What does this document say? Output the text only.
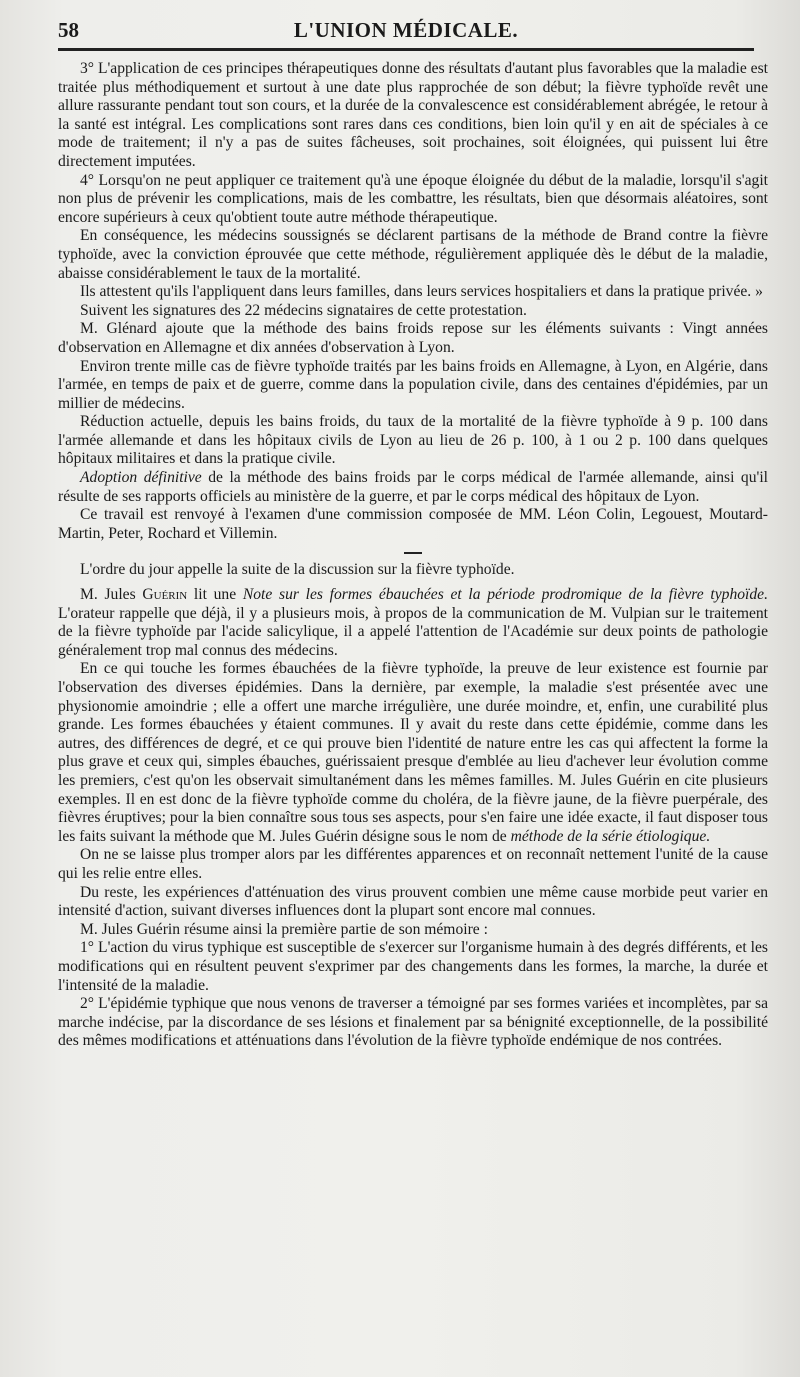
58	L'UNION MÉDICALE.

3° L'application de ces principes thérapeutiques donne des résultats d'autant plus favorables que la maladie est traitée plus méthodiquement et surtout à une date plus rapprochée de son début; la fièvre typhoïde revêt une allure rassurante pendant tout son cours, et la durée de la convalescence est considérablement abrégée, le retour à la santé est intégral. Les complications sont rares dans ces conditions, bien loin qu'il y en ait de spéciales à ce mode de traitement; il n'y a pas de suites fâcheuses, soit prochaines, soit éloignées, qui puissent lui être directement imputées.

4° Lorsqu'on ne peut appliquer ce traitement qu'à une époque éloignée du début de la maladie, lorsqu'il s'agit non plus de prévenir les complications, mais de les combattre, les résultats, bien que désormais aléatoires, sont encore supérieurs à ceux qu'obtient toute autre méthode thérapeutique.

En conséquence, les médecins soussignés se déclarent partisans de la méthode de Brand contre la fièvre typhoïde, avec la conviction éprouvée que cette méthode, régulièrement appliquée dès le début de la maladie, abaisse considérablement le taux de la mortalité.

Ils attestent qu'ils l'appliquent dans leurs familles, dans leurs services hospitaliers et dans la pratique privée. »

Suivent les signatures des 22 médecins signataires de cette protestation.

M. Glénard ajoute que la méthode des bains froids repose sur les éléments suivants : Vingt années d'observation en Allemagne et dix années d'observation à Lyon.

Environ trente mille cas de fièvre typhoïde traités par les bains froids en Allemagne, à Lyon, en Algérie, dans l'armée, en temps de paix et de guerre, comme dans la population civile, dans des centaines d'épidémies, par un millier de médecins.

Réduction actuelle, depuis les bains froids, du taux de la mortalité de la fièvre typhoïde à 9 p. 100 dans l'armée allemande et dans les hôpitaux civils de Lyon au lieu de 26 p. 100, à 1 ou 2 p. 100 dans quelques hôpitaux militaires et dans la pratique civile.

Adoption définitive de la méthode des bains froids par le corps médical de l'armée allemande, ainsi qu'il résulte de ses rapports officiels au ministère de la guerre, et par le corps médical des hôpitaux de Lyon.

Ce travail est renvoyé à l'examen d'une commission composée de MM. Léon Colin, Legouest, Moutard-Martin, Peter, Rochard et Villemin.

L'ordre du jour appelle la suite de la discussion sur la fièvre typhoïde.

M. Jules Guérin lit une Note sur les formes ébauchées et la période prodromique de la fièvre typhoïde. L'orateur rappelle que déjà, il y a plusieurs mois, à propos de la communication de M. Vulpian sur le traitement de la fièvre typhoïde par l'acide salicylique, il a appelé l'attention de l'Académie sur deux points de pathologie généralement trop mal connus des médecins.

En ce qui touche les formes ébauchées de la fièvre typhoïde, la preuve de leur existence est fournie par l'observation des diverses épidémies. Dans la dernière, par exemple, la maladie s'est présentée avec une physionomie amoindrie ; elle a offert une marche irrégulière, une durée moindre, et, enfin, une curabilité plus grande. Les formes ébauchées y étaient communes. Il y avait du reste dans cette épidémie, comme dans les autres, des différences de degré, et ce qui prouve bien l'identité de nature entre les cas qui affectent la forme la plus grave et ceux qui, simples ébauches, guérissaient presque d'emblée au lieu d'achever leur évolution comme les premiers, c'est qu'on les observait simultanément dans les mêmes familles. M. Jules Guérin en cite plusieurs exemples. Il en est donc de la fièvre typhoïde comme du choléra, de la fièvre jaune, de la fièvre puerpérale, des fièvres éruptives; pour la bien connaître sous tous ses aspects, pour s'en faire une idée exacte, il faut disposer tous les faits suivant la méthode que M. Jules Guérin désigne sous le nom de méthode de la série étiologique.

On ne se laisse plus tromper alors par les différentes apparences et on reconnaît nettement l'unité de la cause qui les relie entre elles.

Du reste, les expériences d'atténuation des virus prouvent combien une même cause morbide peut varier en intensité d'action, suivant diverses influences dont la plupart sont encore mal connues.

M. Jules Guérin résume ainsi la première partie de son mémoire :

1° L'action du virus typhique est susceptible de s'exercer sur l'organisme humain à des degrés différents, et les modifications qui en résultent peuvent s'exprimer par des changements dans les formes, la marche, la durée et l'intensité de la maladie.

2° L'épidémie typhique que nous venons de traverser a témoigné par ses formes variées et incomplètes, par sa marche indécise, par la discordance de ses lésions et finalement par sa bénignité exceptionnelle, de la possibilité des mêmes modifications et atténuations dans l'évolution de la fièvre typhoïde endémique de nos contrées.
